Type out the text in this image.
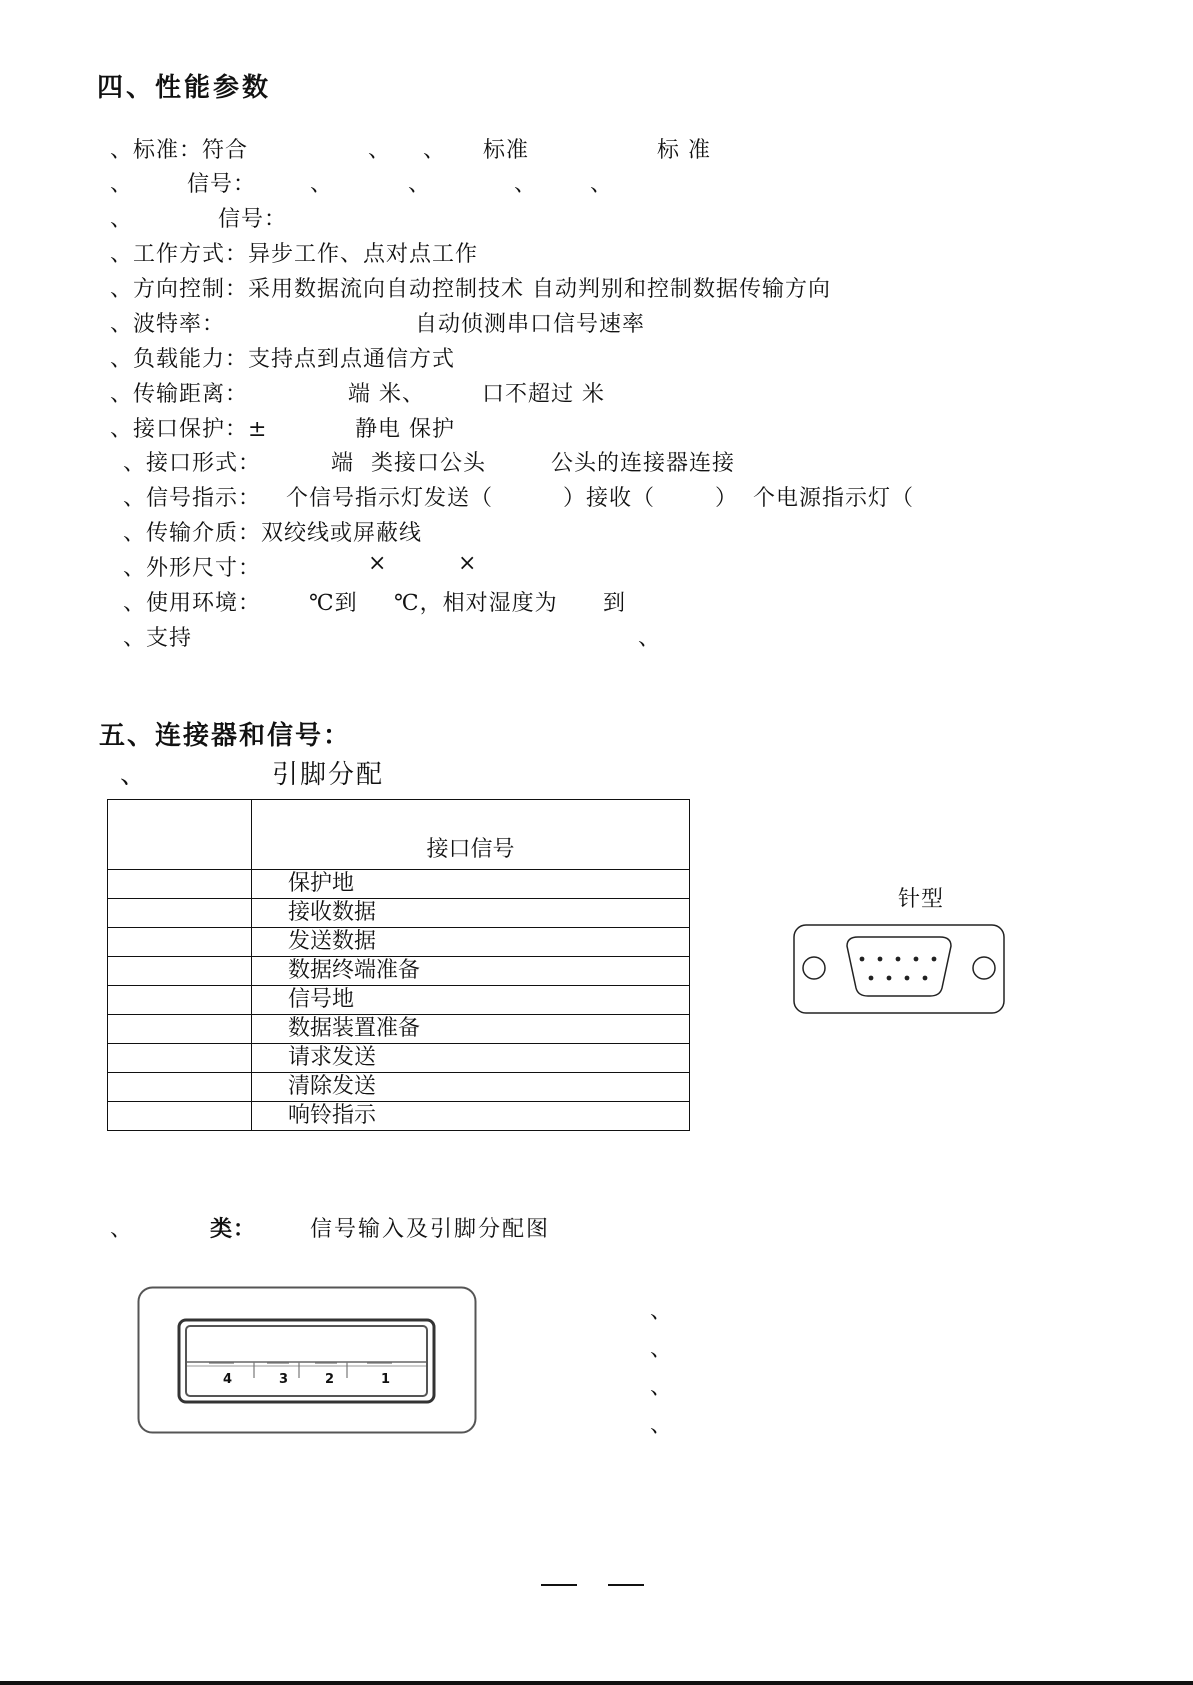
四、性能参数
、标准：符合	、 、 标准	标 准
、 信号： 、	、	、 、
、	信号：
、工作方式：异步工作、点对点工作
、方向控制：采用数据流向自动控制技术 自动判别和控制数据传输方向
、波特率：	自动侦测串口信号速率
、负载能力：支持点到点通信方式
、传输距离：	端 米、	口不超过 米
、接口保护：±	静电 保护
、接口形式：	端 类接口公头	公头的连接器连接
、信号指示： 个信号指示灯发送（	）接收（	） 个电源指示灯（
、传输介质：双绞线或屏蔽线
、外形尺寸：	×	×
、使用环境： ℃到 ℃，相对湿度为 到
、支持	、
五、连接器和信号：
、	引脚分配
	接口信号
	保护地
	接收数据
	发送数据
	数据终端准备
	信号地
	数据装置准备
	请求发送
	清除发送
	响铃指示
针型
、	类： 信号输入及引脚分配图
4	3	2	1
、
、
、
、
